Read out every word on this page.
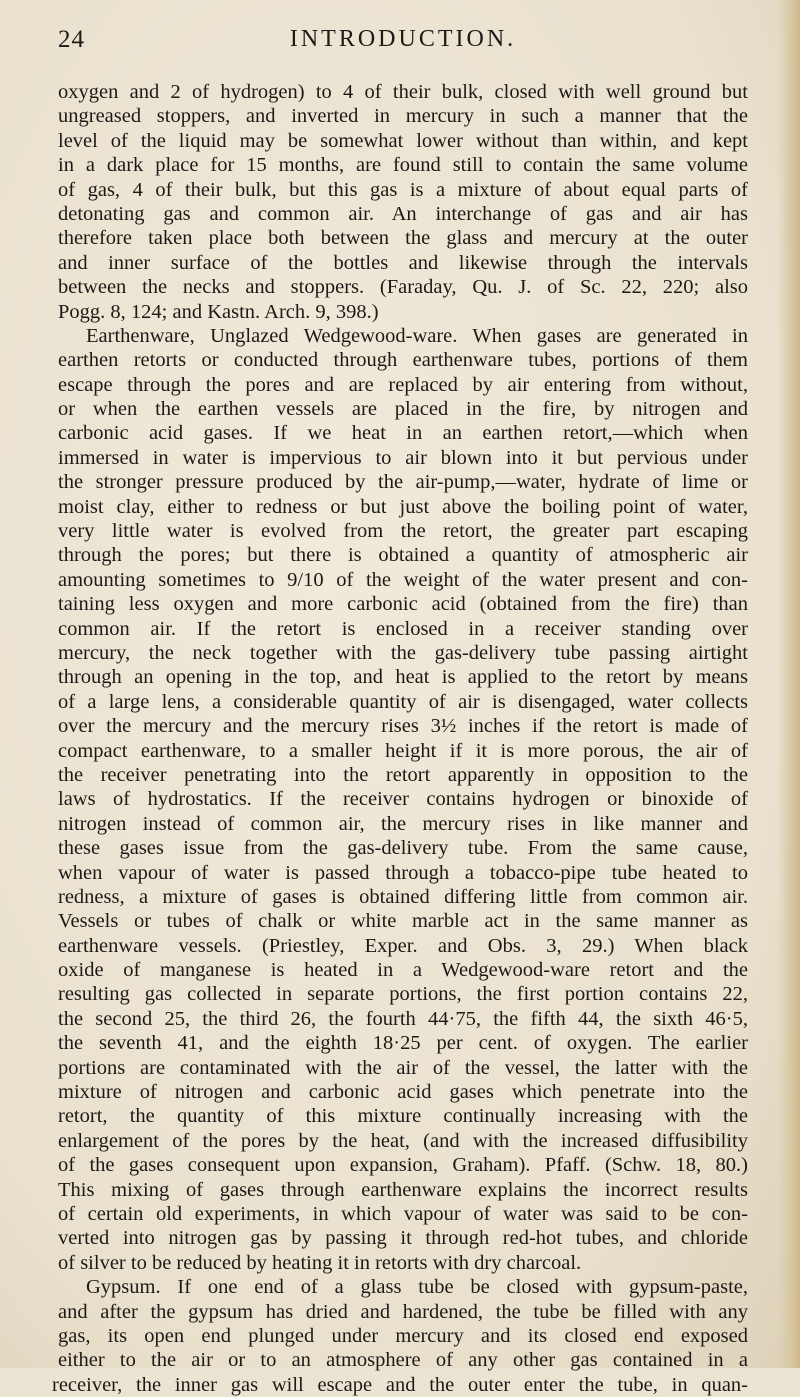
24	INTRODUCTION.
oxygen and 2 of hydrogen) to 4 of their bulk, closed with well ground but
ungreased stoppers, and inverted in mercury in such a manner that the
level of the liquid may be somewhat lower without than within, and kept
in a dark place for 15 months, are found still to contain the same volume
of gas, 4 of their bulk, but this gas is a mixture of about equal parts of
detonating gas and common air. An interchange of gas and air has
therefore taken place both between the glass and mercury at the outer
and inner surface of the bottles and likewise through the intervals
between the necks and stoppers. (Faraday, Qu. J. of Sc. 22, 220; also
Pogg. 8, 124; and Kastn. Arch. 9, 398.)
Earthenware, Unglazed Wedgewood-ware. When gases are generated in
earthen retorts or conducted through earthenware tubes, portions of them
escape through the pores and are replaced by air entering from without,
or when the earthen vessels are placed in the fire, by nitrogen and
carbonic acid gases. If we heat in an earthen retort,—which when
immersed in water is impervious to air blown into it but pervious under
the stronger pressure produced by the air-pump,—water, hydrate of lime or
moist clay, either to redness or but just above the boiling point of water,
very little water is evolved from the retort, the greater part escaping
through the pores; but there is obtained a quantity of atmospheric air
amounting sometimes to 9/10 of the weight of the water present and con-
taining less oxygen and more carbonic acid (obtained from the fire) than
common air. If the retort is enclosed in a receiver standing over
mercury, the neck together with the gas-delivery tube passing airtight
through an opening in the top, and heat is applied to the retort by means
of a large lens, a considerable quantity of air is disengaged, water collects
over the mercury and the mercury rises 3½ inches if the retort is made of
compact earthenware, to a smaller height if it is more porous, the air of
the receiver penetrating into the retort apparently in opposition to the
laws of hydrostatics. If the receiver contains hydrogen or binoxide of
nitrogen instead of common air, the mercury rises in like manner and
these gases issue from the gas-delivery tube. From the same cause,
when vapour of water is passed through a tobacco-pipe tube heated to
redness, a mixture of gases is obtained differing little from common air.
Vessels or tubes of chalk or white marble act in the same manner as
earthenware vessels. (Priestley, Exper. and Obs. 3, 29.) When black
oxide of manganese is heated in a Wedgewood-ware retort and the
resulting gas collected in separate portions, the first portion contains 22,
the second 25, the third 26, the fourth 44·75, the fifth 44, the sixth 46·5,
the seventh 41, and the eighth 18·25 per cent. of oxygen. The earlier
portions are contaminated with the air of the vessel, the latter with the
mixture of nitrogen and carbonic acid gases which penetrate into the
retort, the quantity of this mixture continually increasing with the
enlargement of the pores by the heat, (and with the increased diffusibility
of the gases consequent upon expansion, Graham). Pfaff. (Schw. 18, 80.)
This mixing of gases through earthenware explains the incorrect results
of certain old experiments, in which vapour of water was said to be con-
verted into nitrogen gas by passing it through red-hot tubes, and chloride
of silver to be reduced by heating it in retorts with dry charcoal.
Gypsum. If one end of a glass tube be closed with gypsum-paste,
and after the gypsum has dried and hardened, the tube be filled with any
gas, its open end plunged under mercury and its closed end exposed
either to the air or to an atmosphere of any other gas contained in a
receiver, the inner gas will escape and the outer enter the tube, in quan-
